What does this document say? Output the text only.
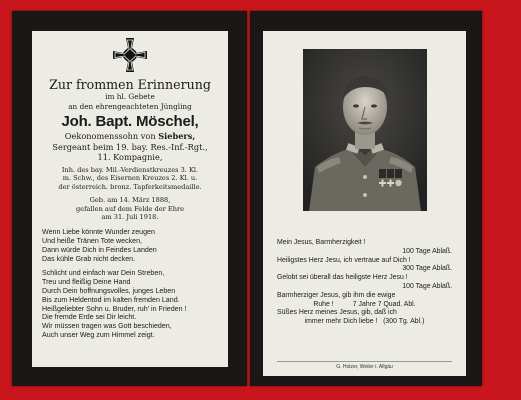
Zur frommen Erinnerung
im hl. Gebete
an den ehrengeachteten Jüngling
Joh. Bapt. Möschel,
Oekonomenssohn von Siebers,
Sergeant beim 19. bay. Res.-Inf.-Rgt.,
11. Kompagnie,
Inh. des bay. Mil.-Verdienstkreuzes 3. Kl.
m. Schw., des Eisernen Kreuzes 2. Kl. u.
der österreich. bronz. Tapferkeitsmedaille.
Geb. am 14. März 1888,
gefallen auf dem Felde der Ehre
am 31. Juli 1918.
Wenn Liebe könnte Wunder zeugen
Und heiße Tränen Tote wecken,
Dann würde Dich in Feindes Landen
Das kühle Grab nicht decken.
Schlicht und einfach war Dein Streben,
Treu und fleißig Deine Hand
Durch Dein hoffnungsvolles, junges Leben
Bis zum Heldentod im kalten fremden Land.
Heißgeliebter Sohn u. Bruder, ruh' in Frieden !
Die fremde Erde sei Dir leicht.
Wir müssen tragen was Gott beschieden,
Auch unser Weg zum Himmel zeigt.
Mein Jesus, Barmherzigkeit !
100 Tage Ablaß.
Heiligstes Herz Jesu, ich vertraue auf Dich !
300 Tage Ablaß.
Gelobt sei überall das heiligste Herz Jesu !
100 Tage Ablaß.
Barmherziger Jesus, gib ihm die ewige
Ruhe !          7 Jahre 7 Quad. Abl.
Süßes Herz meines Jesus, gib, daß ich
immer mehr Dich liebe !   (300 Tg. Abl.)
G. Holzer, Weiler i. Allgäu
